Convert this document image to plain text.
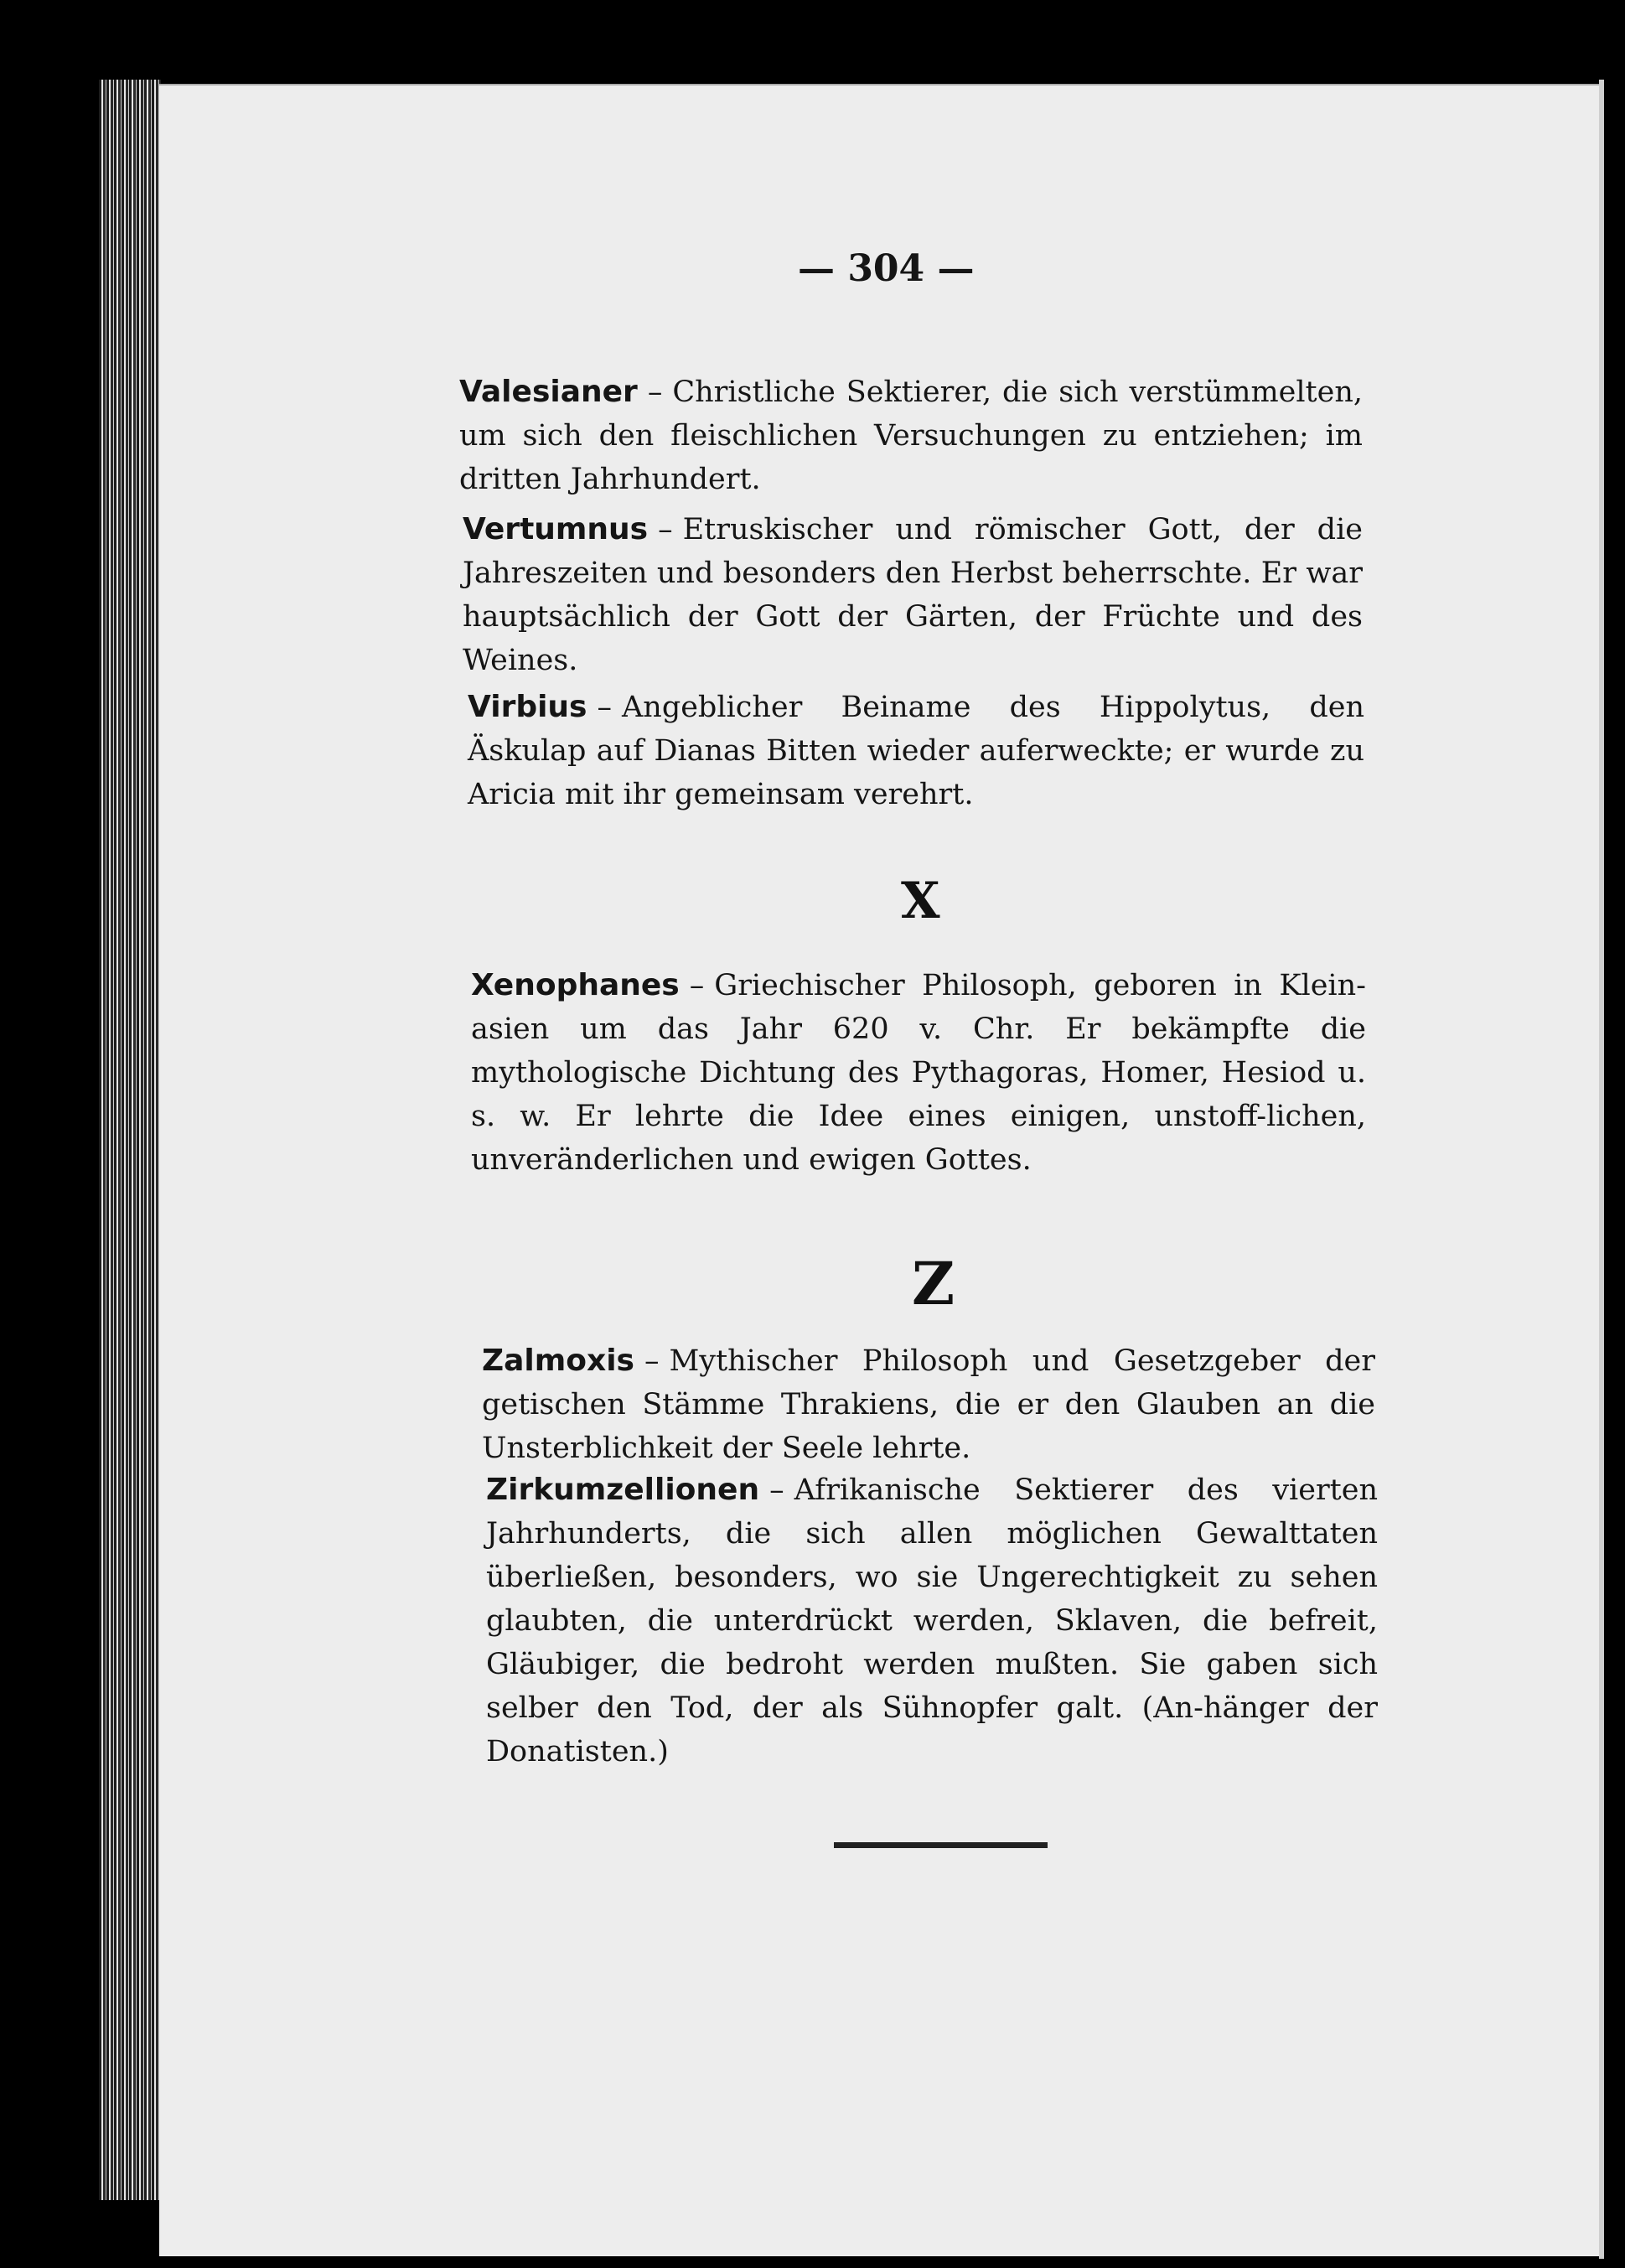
— 304 —
Valesianer – Christliche Sektierer, die sich verstümmelten, um sich den fleischlichen Versuchungen zu entziehen; im dritten Jahrhundert.
Vertumnus – Etruskischer und römischer Gott, der die Jahreszeiten und besonders den Herbst beherrschte. Er war hauptsächlich der Gott der Gärten, der Früchte und des Weines.
Virbius – Angeblicher Beiname des Hippolytus, den Äskulap auf Dianas Bitten wieder auferweckte; er wurde zu Aricia mit ihr gemeinsam verehrt.
X
Xenophanes – Griechischer Philosoph, geboren in Klein-asien um das Jahr 620 v. Chr. Er bekämpfte die mythologische Dichtung des Pythagoras, Homer, Hesiod u. s. w. Er lehrte die Idee eines einigen, unstoff-lichen, unveränderlichen und ewigen Gottes.
Z
Zalmoxis – Mythischer Philosoph und Gesetzgeber der getischen Stämme Thrakiens, die er den Glauben an die Unsterblichkeit der Seele lehrte.
Zirkumzellionen – Afrikanische Sektierer des vierten Jahrhunderts, die sich allen möglichen Gewalttaten überließen, besonders, wo sie Ungerechtigkeit zu sehen glaubten, die unterdrückt werden, Sklaven, die befreit, Gläubiger, die bedroht werden mußten. Sie gaben sich selber den Tod, der als Sühnopfer galt. (An-hänger der Donatisten.)
